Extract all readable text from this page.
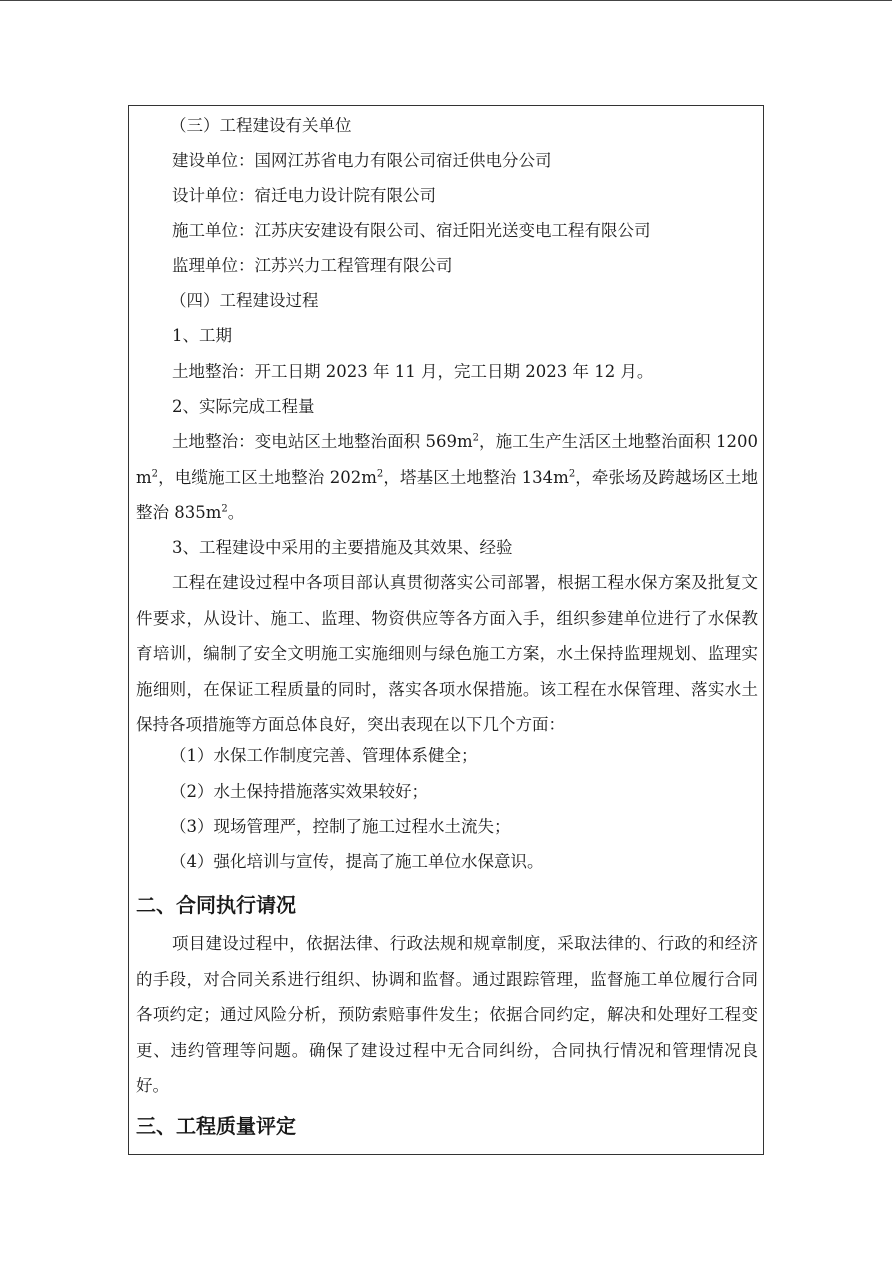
（三）工程建设有关单位
建设单位：国网江苏省电力有限公司宿迁供电分公司
设计单位：宿迁电力设计院有限公司
施工单位：江苏庆安建设有限公司、宿迁阳光送变电工程有限公司
监理单位：江苏兴力工程管理有限公司
（四）工程建设过程
1、工期
土地整治：开工日期 2023 年 11 月，完工日期 2023 年 12 月。
2、实际完成工程量
土地整治：变电站区土地整治面积 $569m^2$，施工生产生活区土地整治面积 $1200m^2$，电缆施工区土地整治 $202m^2$，塔基区土地整治 $134m^2$，牵张场及跨越场区土地整治 $835m^2$。
3、工程建设中采用的主要措施及其效果、经验
工程在建设过程中各项目部认真贯彻落实公司部署，根据工程水保方案及批复文件要求，从设计、施工、监理、物资供应等各方面入手，组织参建单位进行了水保教育培训，编制了安全文明施工实施细则与绿色施工方案，水土保持监理规划、监理实施细则，在保证工程质量的同时，落实各项水保措施。该工程在水保管理、落实水土保持各项措施等方面总体良好，突出表现在以下几个方面：
（1）水保工作制度完善、管理体系健全；
（2）水土保持措施落实效果较好；
（3）现场管理严，控制了施工过程水土流失；
（4）强化培训与宣传，提高了施工单位水保意识。
二、合同执行请况
项目建设过程中，依据法律、行政法规和规章制度，采取法律的、行政的和经济的手段，对合同关系进行组织、协调和监督。通过跟踪管理，监督施工单位履行合同各项约定；通过风险分析，预防索赔事件发生；依据合同约定，解决和处理好工程变更、违约管理等问题。确保了建设过程中无合同纠纷，合同执行情况和管理情况良好。
三、工程质量评定
